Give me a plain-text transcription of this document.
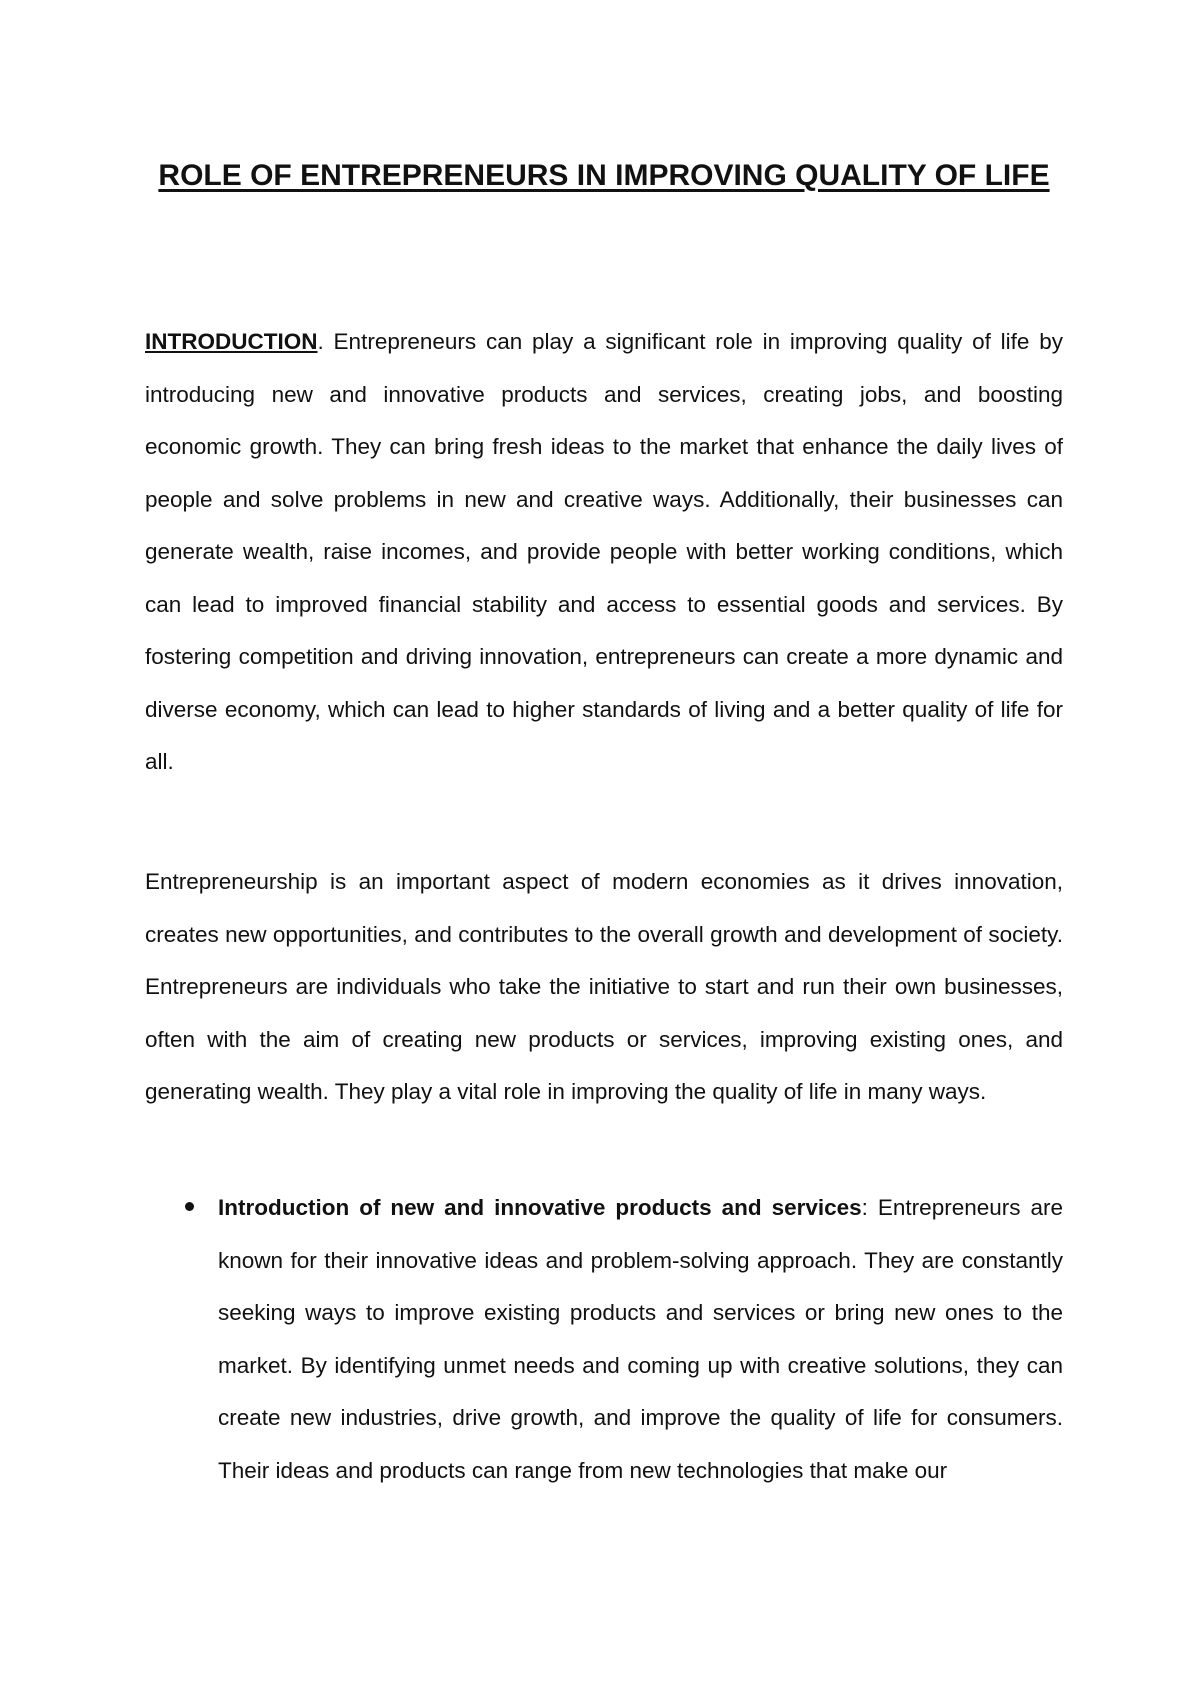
ROLE OF ENTREPRENEURS IN IMPROVING QUALITY OF LIFE

INTRODUCTION. Entrepreneurs can play a significant role in improving quality of life by introducing new and innovative products and services, creating jobs, and boosting economic growth. They can bring fresh ideas to the market that enhance the daily lives of people and solve problems in new and creative ways. Additionally, their businesses can generate wealth, raise incomes, and provide people with better working conditions, which can lead to improved financial stability and access to essential goods and services. By fostering competition and driving innovation, entrepreneurs can create a more dynamic and diverse economy, which can lead to higher standards of living and a better quality of life for all.

Entrepreneurship is an important aspect of modern economies as it drives innovation, creates new opportunities, and contributes to the overall growth and development of society. Entrepreneurs are individuals who take the initiative to start and run their own businesses, often with the aim of creating new products or services, improving existing ones, and generating wealth. They play a vital role in improving the quality of life in many ways.

Introduction of new and innovative products and services: Entrepreneurs are known for their innovative ideas and problem-solving approach. They are constantly seeking ways to improve existing products and services or bring new ones to the market. By identifying unmet needs and coming up with creative solutions, they can create new industries, drive growth, and improve the quality of life for consumers. Their ideas and products can range from new technologies that make our
